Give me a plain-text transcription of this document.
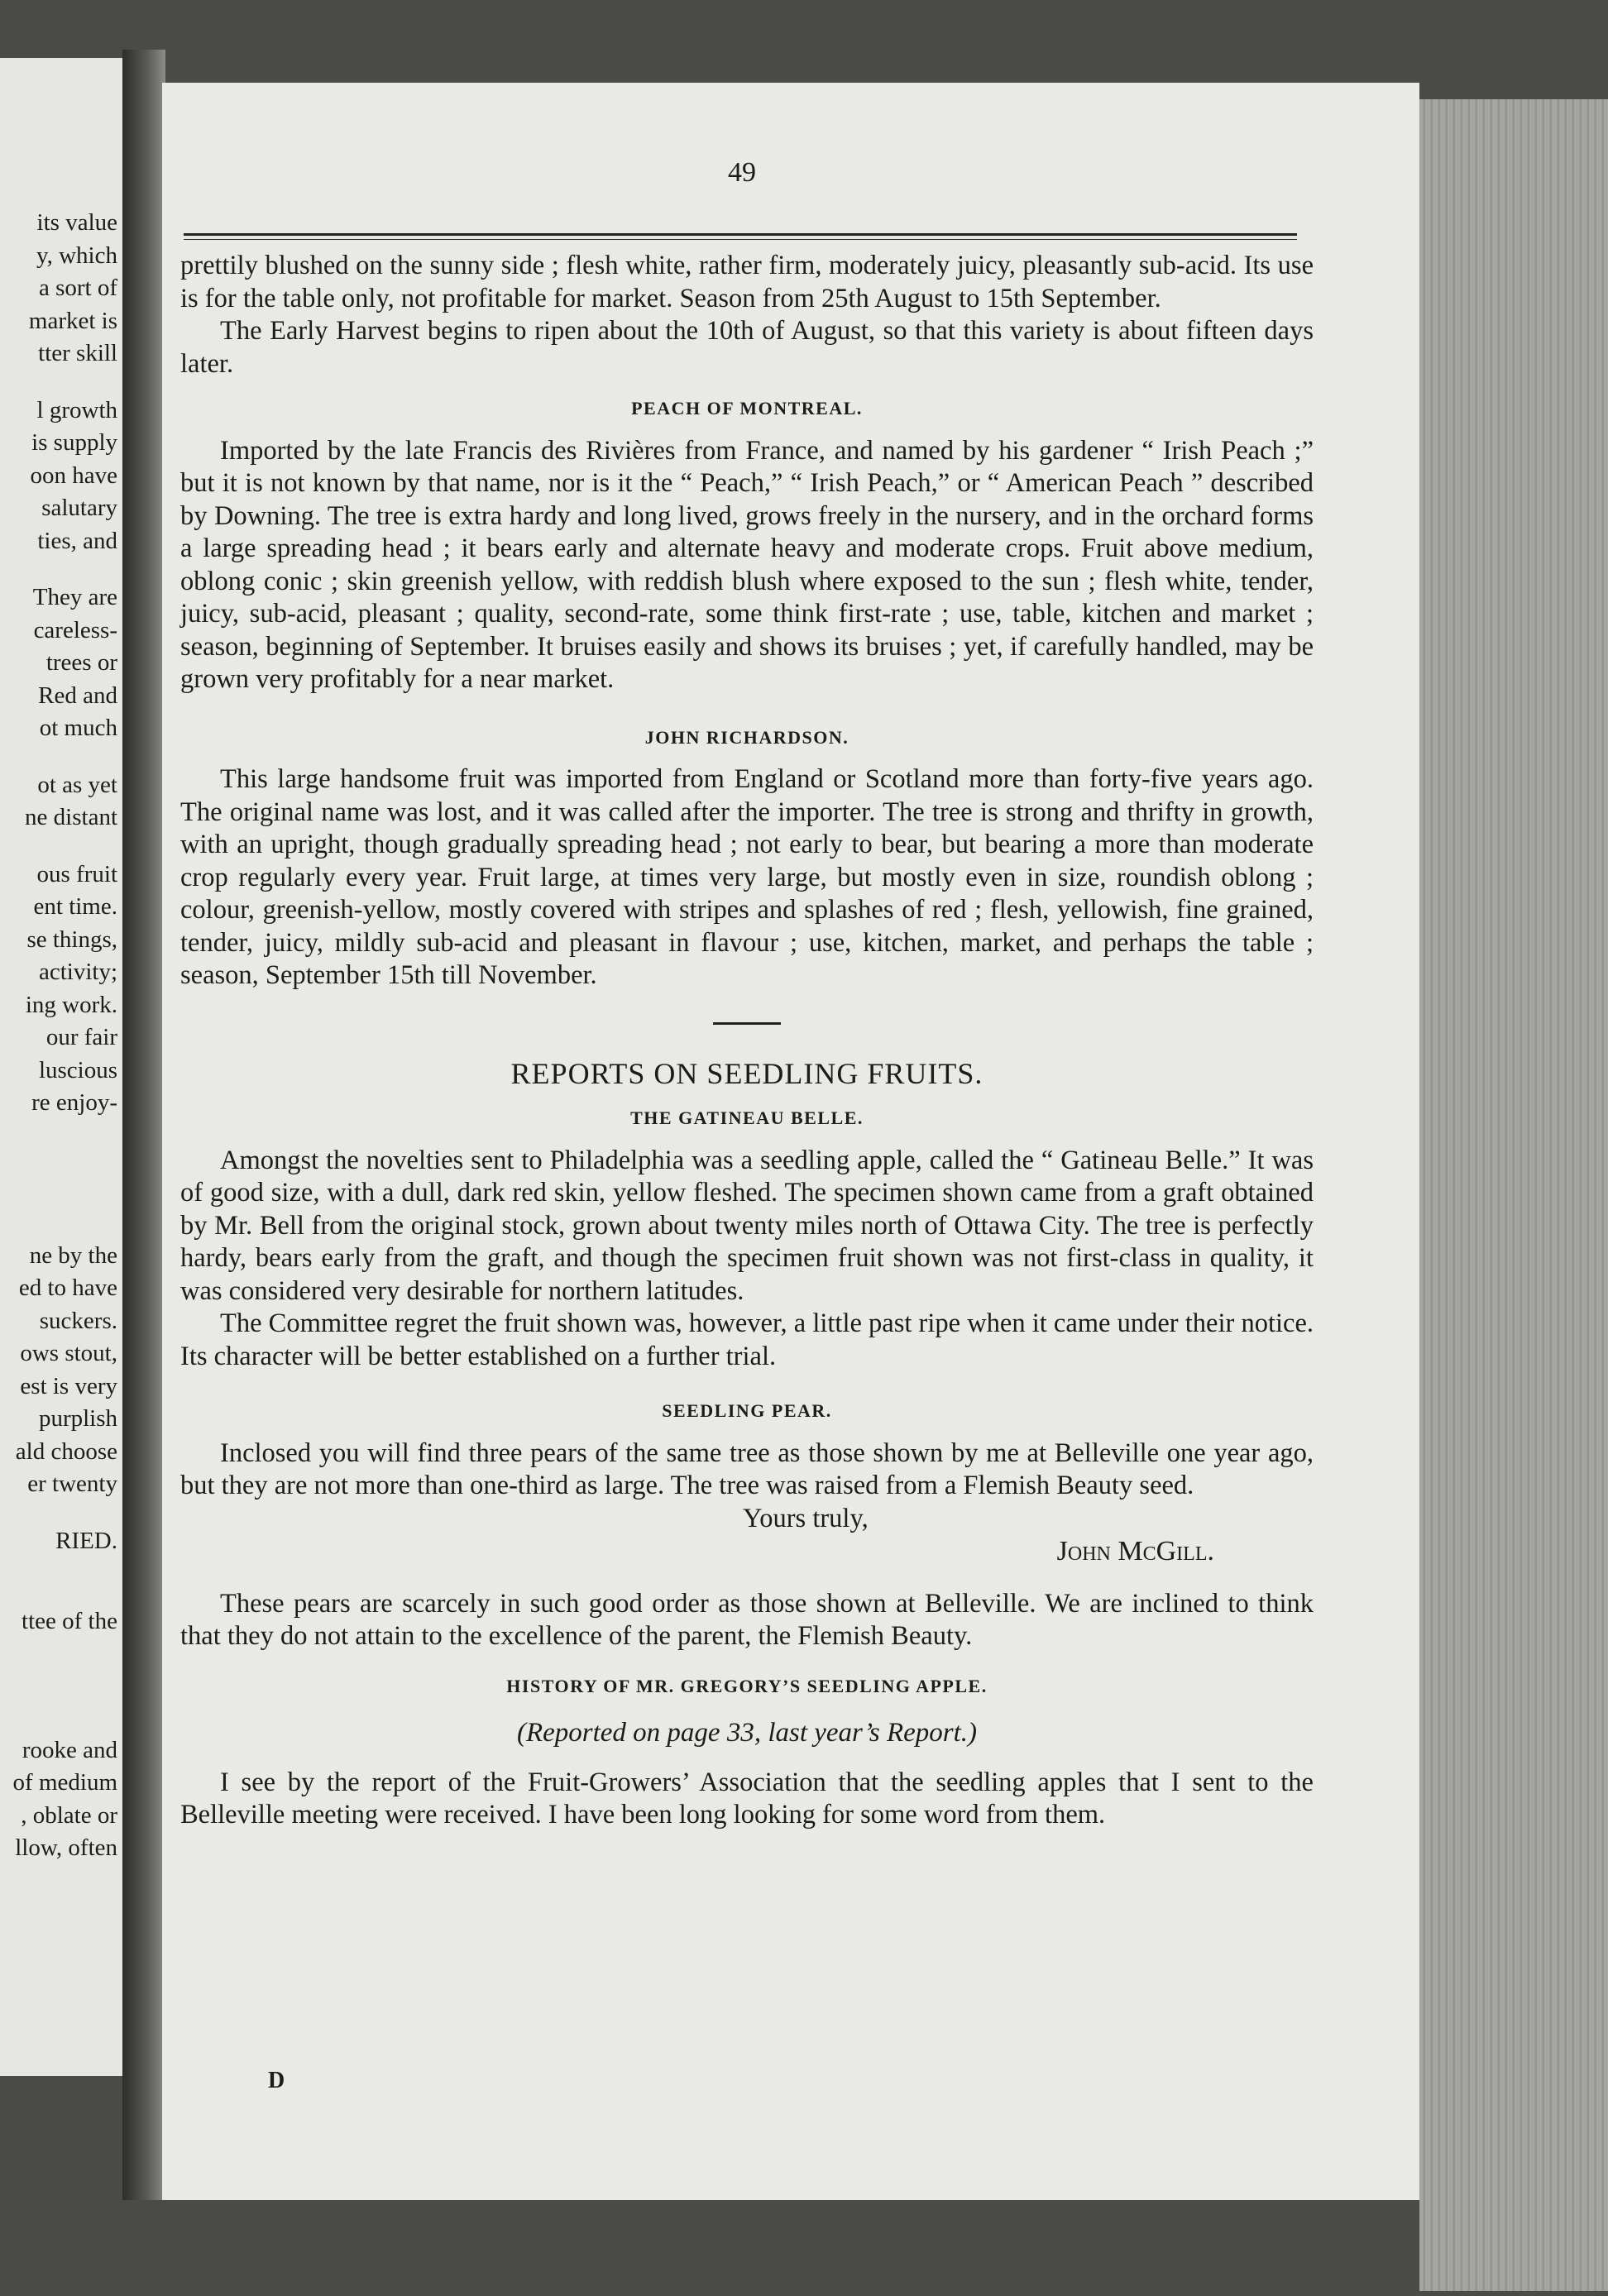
its value
y, which
a sort of
market is
tter skill
l growth
is supply
oon have
salutary
ties, and
They are
careless-
trees or
Red and
ot much
ot as yet
ne distant
ous fruit
ent time.
se things,
activity;
ing work.
our fair
luscious
re enjoy-
ne by the
ed to have
suckers.
ows stout,
est is very
purplish
ald choose
er twenty
RIED.
ttee of the
rooke and
of medium
, oblate or
llow, often
49

prettily blushed on the sunny side ; flesh white, rather firm, moderately juicy, pleasantly sub-acid. Its use is for the table only, not profitable for market. Season from 25th August to 15th September.

The Early Harvest begins to ripen about the 10th of August, so that this variety is about fifteen days later.

PEACH OF MONTREAL.

Imported by the late Francis des Rivières from France, and named by his gardener “ Irish Peach ;” but it is not known by that name, nor is it the “ Peach,” “ Irish Peach,” or “ American Peach ” described by Downing. The tree is extra hardy and long lived, grows freely in the nursery, and in the orchard forms a large spreading head ; it bears early and alternate heavy and moderate crops. Fruit above medium, oblong conic ; skin greenish yellow, with reddish blush where exposed to the sun ; flesh white, tender, juicy, sub-acid, pleasant ; quality, second-rate, some think first-rate ; use, table, kitchen and market ; season, beginning of September. It bruises easily and shows its bruises ; yet, if carefully handled, may be grown very profitably for a near market.

JOHN RICHARDSON.

This large handsome fruit was imported from England or Scotland more than forty-five years ago. The original name was lost, and it was called after the importer. The tree is strong and thrifty in growth, with an upright, though gradually spreading head ; not early to bear, but bearing a more than moderate crop regularly every year. Fruit large, at times very large, but mostly even in size, roundish oblong ; colour, greenish-yellow, mostly covered with stripes and splashes of red ; flesh, yellowish, fine grained, tender, juicy, mildly sub-acid and pleasant in flavour ; use, kitchen, market, and perhaps the table ; season, September 15th till November.

REPORTS ON SEEDLING FRUITS.
THE GATINEAU BELLE.

Amongst the novelties sent to Philadelphia was a seedling apple, called the “ Gatineau Belle.” It was of good size, with a dull, dark red skin, yellow fleshed. The specimen shown came from a graft obtained by Mr. Bell from the original stock, grown about twenty miles north of Ottawa City. The tree is perfectly hardy, bears early from the graft, and though the specimen fruit shown was not first-class in quality, it was considered very desirable for northern latitudes.

The Committee regret the fruit shown was, however, a little past ripe when it came under their notice. Its character will be better established on a further trial.

SEEDLING PEAR.

Inclosed you will find three pears of the same tree as those shown by me at Belleville one year ago, but they are not more than one-third as large. The tree was raised from a Flemish Beauty seed.

Yours truly,

John McGill.

These pears are scarcely in such good order as those shown at Belleville. We are inclined to think that they do not attain to the excellence of the parent, the Flemish Beauty.

HISTORY OF MR. GREGORY’S SEEDLING APPLE.
(Reported on page 33, last year’s Report.)

I see by the report of the Fruit-Growers’ Association that the seedling apples that I sent to the Belleville meeting were received. I have been long looking for some word from them.

D
